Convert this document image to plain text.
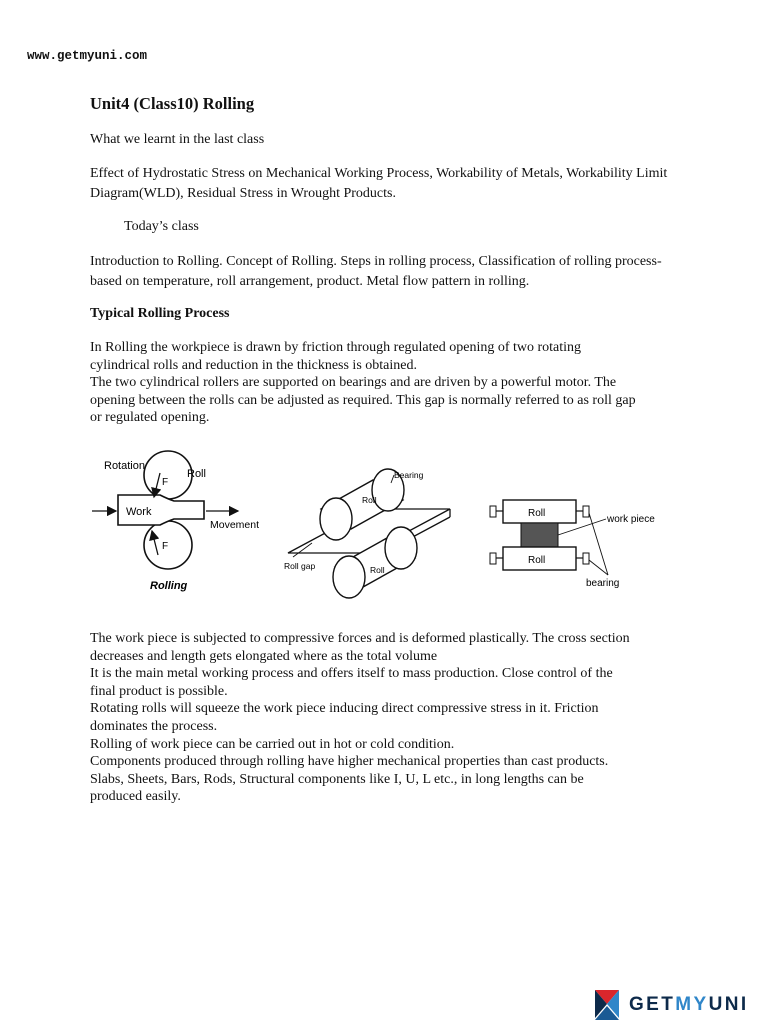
www.getmyuni.com
Unit4 (Class10) Rolling

What we learnt in the last class

Effect of Hydrostatic Stress on Mechanical Working Process, Workability of Metals, Workability Limit Diagram(WLD), Residual Stress in Wrought Products.

Today’s class

Introduction to Rolling. Concept of Rolling. Steps in rolling process, Classification of rolling process-based on temperature, roll arrangement, product. Metal flow pattern in rolling.

Typical Rolling Process

In Rolling the workpiece is drawn by friction through regulated opening of two rotating
cylindrical rolls and reduction in the thickness is obtained.
The two cylindrical rollers are supported on bearings and are driven by a powerful motor. The
opening between the rolls can be adjusted as required. This gap is normally referred to as roll gap
or regulated opening.
Rotation
Roll
Work
Movement
F
F
Rolling
Bearing
Roll
Roll
Roll gap
Roll
Roll
work piece
bearing
The work piece is subjected to compressive forces and is deformed plastically. The cross section
decreases and length gets elongated where as the total volume
It is the main metal working process and offers itself to mass production. Close control of the
final product is possible.
Rotating rolls will squeeze the work piece inducing direct compressive stress in it. Friction
dominates the process.
Rolling of work piece can be carried out in hot or cold condition.
Components produced through rolling have higher mechanical properties than cast products.
Slabs, Sheets, Bars, Rods, Structural components like I, U, L etc., in long lengths can be
produced easily.
GETMYUNI
